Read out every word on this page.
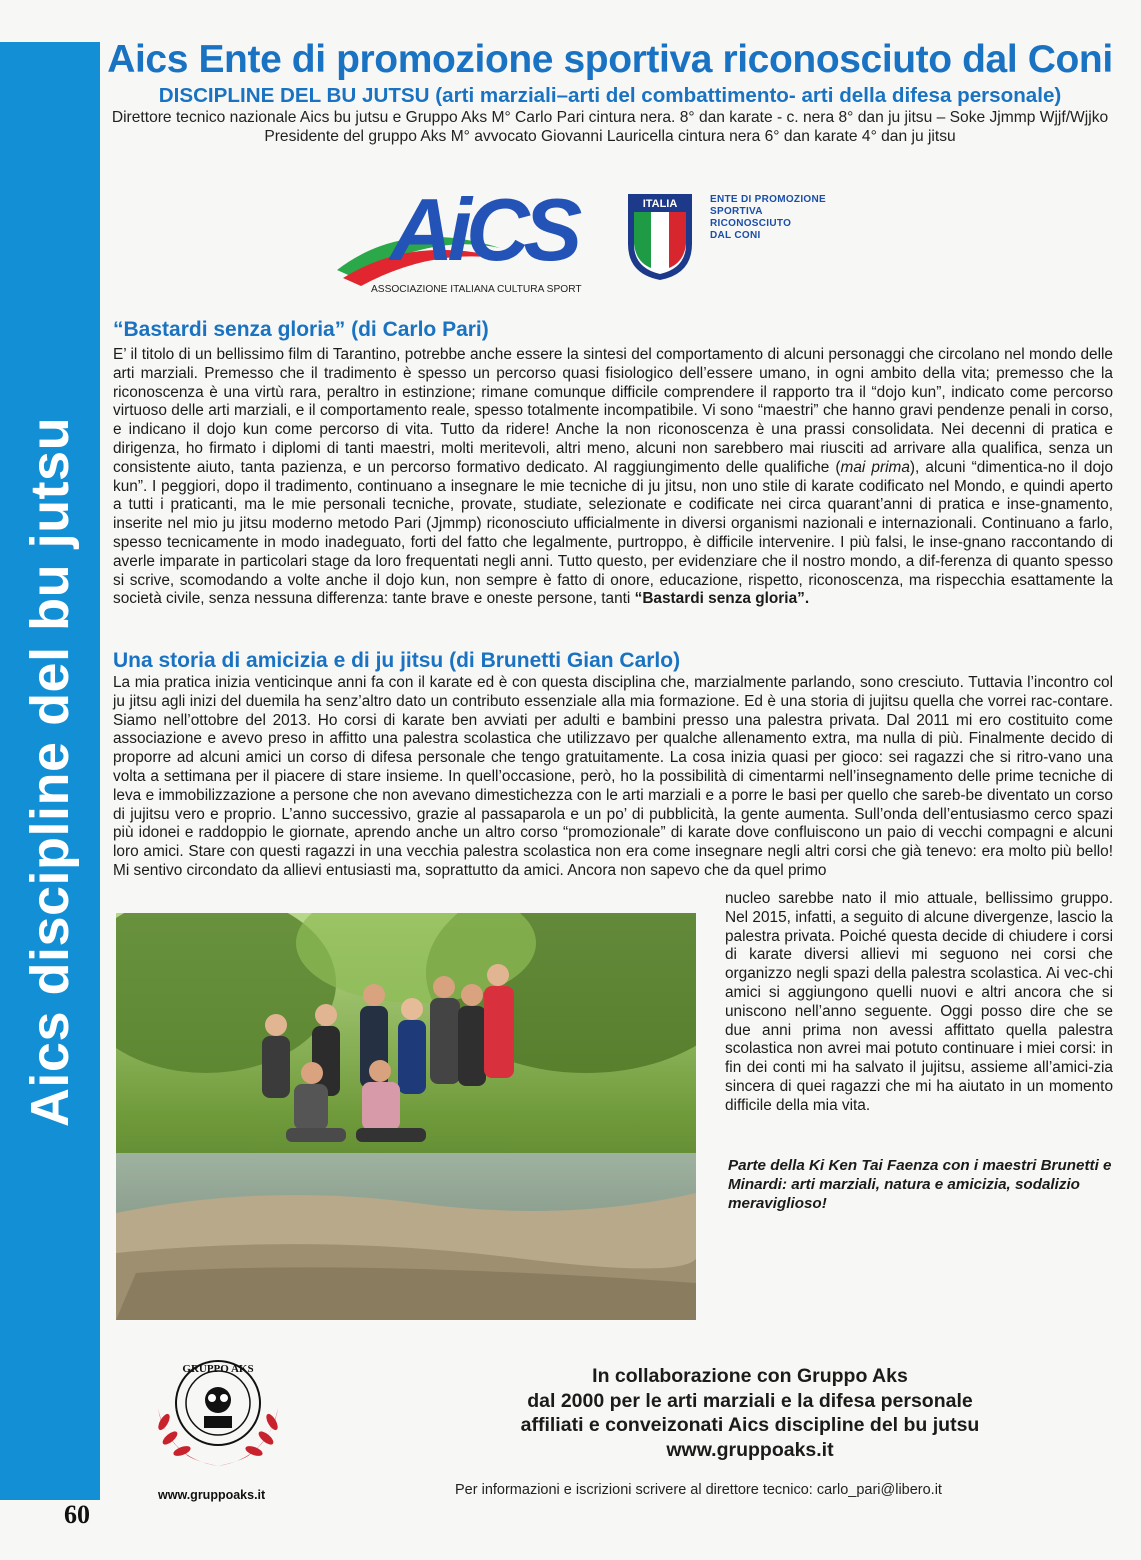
Aics discipline del bu jutsu
60
Aics Ente di promozione sportiva riconosciuto dal Coni
DISCIPLINE DEL BU JUTSU (arti marziali–arti del combattimento- arti della difesa personale)
Direttore tecnico nazionale Aics bu jutsu e Gruppo Aks M° Carlo Pari cintura nera. 8° dan karate - c. nera 8° dan ju jitsu – Soke Jjmmp Wjjf/Wjjko
Presidente del gruppo Aks M° avvocato Giovanni Lauricella cintura nera 6° dan karate 4° dan ju jitsu
AiCS
ASSOCIAZIONE ITALIANA CULTURA SPORT
ITALIA	ENTE DI PROMOZIONE
SPORTIVA
RICONOSCIUTO
DAL CONI
“Bastardi senza gloria” (di Carlo Pari)

E’ il titolo di un bellissimo film di Tarantino, potrebbe anche essere la sintesi del comportamento di alcuni personaggi che circolano nel mondo delle arti marziali. Premesso che il tradimento è spesso un percorso quasi fisiologico dell’essere umano, in ogni ambito della vita; premesso che la riconoscenza è una virtù rara, peraltro in estinzione; rimane comunque difficile comprendere il rapporto tra il “dojo kun”, indicato come percorso virtuoso delle arti marziali, e il comportamento reale, spesso totalmente incompatibile. Vi sono “maestri” che hanno gravi pendenze penali in corso, e indicano il dojo kun come percorso di vita. Tutto da ridere! Anche la non riconoscenza è una prassi consolidata. Nei decenni di pratica e dirigenza, ho firmato i diplomi di tanti maestri, molti meritevoli, altri meno, alcuni non sarebbero mai riusciti ad arrivare alla qualifica, senza un consistente aiuto, tanta pazienza, e un percorso formativo dedicato. Al raggiungimento delle qualifiche (mai prima), alcuni “dimentica-no il dojo kun”. I peggiori, dopo il tradimento, continuano a insegnare le mie tecniche di ju jitsu, non uno stile di karate codificato nel Mondo, e quindi aperto a tutti i praticanti, ma le mie personali tecniche, provate, studiate, selezionate e codificate nei circa quarant’anni di pratica e inse-gnamento, inserite nel mio ju jitsu moderno metodo Pari (Jjmmp) riconosciuto ufficialmente in diversi organismi nazionali e internazionali. Continuano a farlo, spesso tecnicamente in modo inadeguato, forti del fatto che legalmente, purtroppo, è difficile intervenire. I più falsi, le inse-gnano raccontando di averle imparate in particolari stage da loro frequentati negli anni. Tutto questo, per evidenziare che il nostro mondo, a dif-ferenza di quanto spesso si scrive, scomodando a volte anche il dojo kun, non sempre è fatto di onore, educazione, rispetto, riconoscenza, ma rispecchia esattamente la società civile, senza nessuna differenza: tante brave e oneste persone, tanti “Bastardi senza gloria”.

Una storia di amicizia e di ju jitsu (di Brunetti Gian Carlo)

La mia pratica inizia venticinque anni fa con il karate ed è con questa disciplina che, marzialmente parlando, sono cresciuto. Tuttavia l’incontro col ju jitsu agli inizi del duemila ha senz’altro dato un contributo essenziale alla mia formazione. Ed è una storia di jujitsu quella che vorrei rac-contare. Siamo nell’ottobre del 2013. Ho corsi di karate ben avviati per adulti e bambini presso una palestra privata. Dal 2011 mi ero costituito come associazione e avevo preso in affitto una palestra scolastica che utilizzavo per qualche allenamento extra, ma nulla di più. Finalmente decido di proporre ad alcuni amici un corso di difesa personale che tengo gratuitamente. La cosa inizia quasi per gioco: sei ragazzi che si ritro-vano una volta a settimana per il piacere di stare insieme. In quell’occasione, però, ho la possibilità di cimentarmi nell’insegnamento delle prime tecniche di leva e immobilizzazione a persone che non avevano dimestichezza con le arti marziali e a porre le basi per quello che sareb-be diventato un corso di jujitsu vero e proprio. L’anno successivo, grazie al passaparola e un po’ di pubblicità, la gente aumenta. Sull’onda dell’entusiasmo cerco spazi più idonei e raddoppio le giornate, aprendo anche un altro corso “promozionale” di karate dove confluiscono un paio di vecchi compagni e alcuni loro amici. Stare con questi ragazzi in una vecchia palestra scolastica non era come insegnare negli altri corsi che già tenevo: era molto più bello! Mi sentivo circondato da allievi entusiasti ma, soprattutto da amici. Ancora non sapevo che da quel primo

nucleo sarebbe nato il mio attuale, bellissimo gruppo. Nel 2015, infatti, a seguito di alcune divergenze, lascio la palestra privata. Poiché questa decide di chiudere i corsi di karate diversi allievi mi seguono nei corsi che organizzo negli spazi della palestra scolastica. Ai vec-chi amici si aggiungono quelli nuovi e altri ancora che si uniscono nell’anno seguente. Oggi posso dire che se due anni prima non avessi affittato quella palestra scolastica non avrei mai potuto continuare i miei corsi: in fin dei conti mi ha salvato il jujitsu, assieme all’amici-zia sincera di quei ragazzi che mi ha aiutato in un momento difficile della mia vita.

Parte della Ki Ken Tai Faenza con i maestri Brunetti e Minardi: arti marziali, natura e amicizia, sodalizio meraviglioso!
GRUPPO AKS
www.gruppoaks.it
In collaborazione con Gruppo Aks
dal 2000 per le arti marziali e la difesa personale
affiliati e conveizonati Aics discipline del bu jutsu
www.gruppoaks.it
Per informazioni e iscrizioni scrivere al direttore tecnico: carlo_pari@libero.it
